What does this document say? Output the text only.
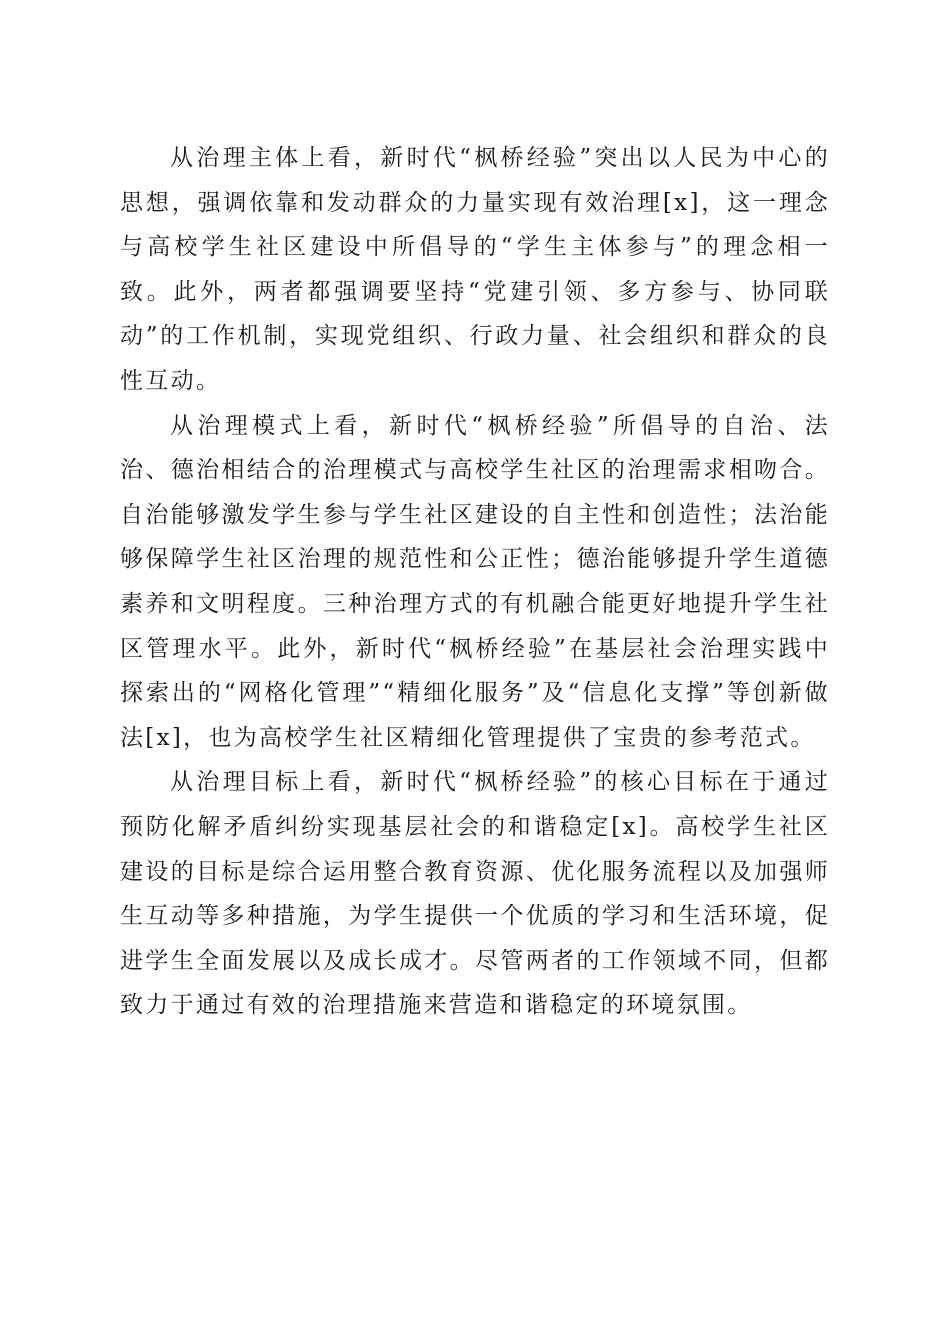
从治理主体上看，新时代“枫桥经验”突出以人民为中心的思想，强调依靠和发动群众的力量实现有效治理[x]，这一理念与高校学生社区建设中所倡导的“学生主体参与”的理念相一致。此外，两者都强调要坚持“党建引领、多方参与、协同联动”的工作机制，实现党组织、行政力量、社会组织和群众的良性互动。

从治理模式上看，新时代“枫桥经验”所倡导的自治、法治、德治相结合的治理模式与高校学生社区的治理需求相吻合。自治能够激发学生参与学生社区建设的自主性和创造性；法治能够保障学生社区治理的规范性和公正性；德治能够提升学生道德素养和文明程度。三种治理方式的有机融合能更好地提升学生社区管理水平。此外，新时代“枫桥经验”在基层社会治理实践中探索出的“网格化管理”“精细化服务”及“信息化支撑”等创新做法[x]，也为高校学生社区精细化管理提供了宝贵的参考范式。

从治理目标上看，新时代“枫桥经验”的核心目标在于通过预防化解矛盾纠纷实现基层社会的和谐稳定[x]。高校学生社区建设的目标是综合运用整合教育资源、优化服务流程以及加强师生互动等多种措施，为学生提供一个优质的学习和生活环境，促进学生全面发展以及成长成才。尽管两者的工作领域不同，但都致力于通过有效的治理措施来营造和谐稳定的环境氛围。
